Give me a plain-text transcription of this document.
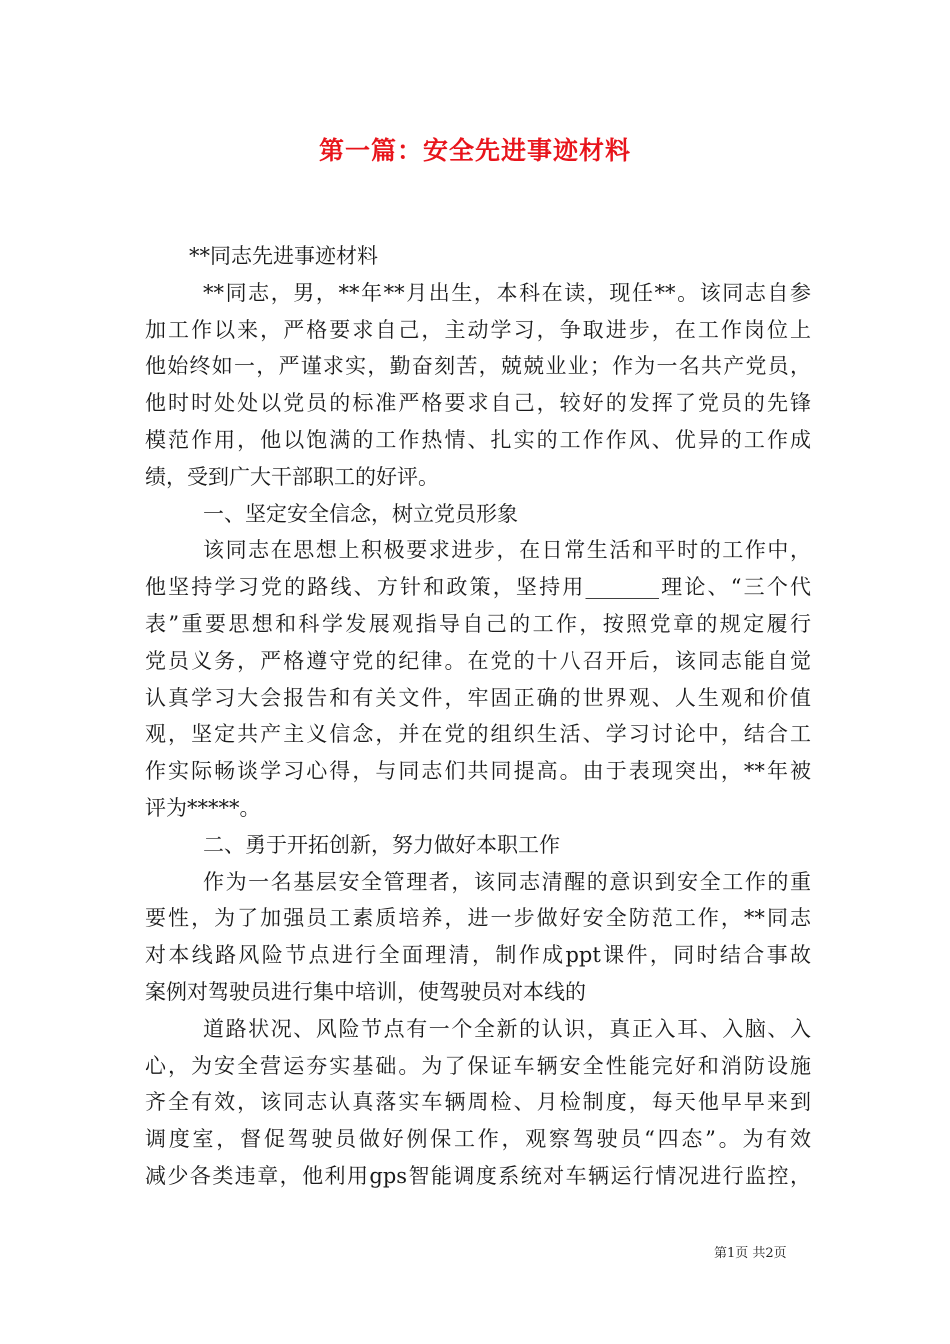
第一篇：安全先进事迹材料
**同志先进事迹材料
**同志，男，**年**月出生，本科在读，现任**。该同志自参
加工作以来，严格要求自己，主动学习，争取进步，在工作岗位上
他始终如一，严谨求实，勤奋刻苦，兢兢业业；作为一名共产党员，
他时时处处以党员的标准严格要求自己，较好的发挥了党员的先锋
模范作用，他以饱满的工作热情、扎实的工作作风、优异的工作成
绩，受到广大干部职工的好评。
一、坚定安全信念，树立党员形象
该同志在思想上积极要求进步，在日常生活和平时的工作中，
他坚持学习党的路线、方针和政策，坚持用_______理论、“三个代
表”重要思想和科学发展观指导自己的工作，按照党章的规定履行
党员义务，严格遵守党的纪律。在党的十八召开后，该同志能自觉
认真学习大会报告和有关文件，牢固正确的世界观、人生观和价值
观，坚定共产主义信念，并在党的组织生活、学习讨论中，结合工
作实际畅谈学习心得，与同志们共同提高。由于表现突出，**年被
评为*****。
二、勇于开拓创新，努力做好本职工作
作为一名基层安全管理者，该同志清醒的意识到安全工作的重
要性，为了加强员工素质培养，进一步做好安全防范工作，**同志
对本线路风险节点进行全面理清，制作成ppt课件，同时结合事故
案例对驾驶员进行集中培训，使驾驶员对本线的
道路状况、风险节点有一个全新的认识，真正入耳、入脑、入
心，为安全营运夯实基础。为了保证车辆安全性能完好和消防设施
齐全有效，该同志认真落实车辆周检、月检制度，每天他早早来到
调度室，督促驾驶员做好例保工作，观察驾驶员“四态”。为有效
减少各类违章，他利用gps智能调度系统对车辆运行情况进行监控，
第1页 共2页
